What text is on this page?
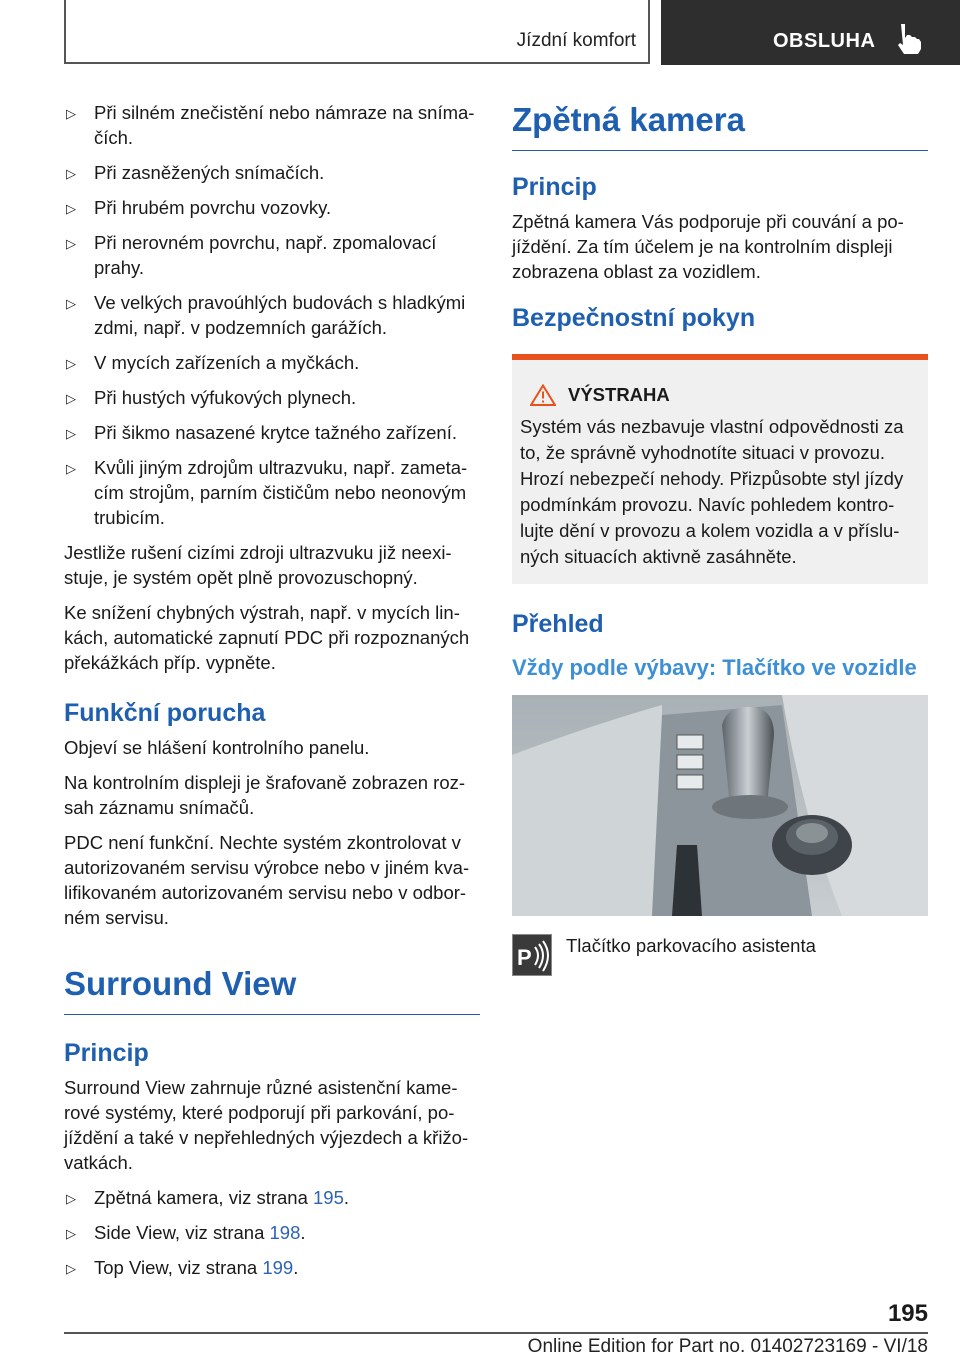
Jízdní komfort	OBSLUHA
▷ Při silném znečistění nebo námraze na sníma-čích.
▷ Při zasněžených snímačích.
▷ Při hrubém povrchu vozovky.
▷ Při nerovném povrchu, např. zpomalovací prahy.
▷ Ve velkých pravoúhlých budovách s hladkými zdmi, např. v podzemních garážích.
▷ V mycích zařízeních a myčkách.
▷ Při hustých výfukových plynech.
▷ Při šikmo nasazené krytce tažného zařízení.
▷ Kvůli jiným zdrojům ultrazvuku, např. zameta-cím strojům, parním čističům nebo neonovým trubicím.

Jestliže rušení cizími zdroji ultrazvuku již neexi-stuje, je systém opět plně provozuschopný.

Ke snížení chybných výstrah, např. v mycích lin-kách, automatické zapnutí PDC při rozpoznaných překážkách příp. vypněte.

Funkční porucha

Objeví se hlášení kontrolního panelu.

Na kontrolním displeji je šrafovaně zobrazen roz-sah záznamu snímačů.

PDC není funkční. Nechte systém zkontrolovat v autorizovaném servisu výrobce nebo v jiném kva-lifikovaném autorizovaném servisu nebo v odbor-ném servisu.

Surround View
Princip

Surround View zahrnuje různé asistenční kame-rové systémy, které podporují při parkování, po-jíždění a také v nepřehledných výjezdech a křižo-vatkách.

▷ Zpětná kamera, viz strana 195.
▷ Side View, viz strana 198.
▷ Top View, viz strana 199.
Zpětná kamera
Princip

Zpětná kamera Vás podporuje při couvání a po-jíždění. Za tím účelem je na kontrolním displeji zobrazena oblast za vozidlem.

Bezpečnostní pokyn
VÝSTRAHA

Systém vás nezbavuje vlastní odpovědnosti za to, že správně vyhodnotíte situaci v provozu. Hrozí nebezpečí nehody. Přizpůsobte styl jízdy podmínkám provozu. Navíc pohledem kontro-lujte dění v provozu a kolem vozidla a v příslu-ných situacích aktivně zasáhněte.

Přehled
Vždy podle výbavy: Tlačítko ve vozidle
P Tlačítko parkovacího asistenta
195
Online Edition for Part no. 01402723169 - VI/18
